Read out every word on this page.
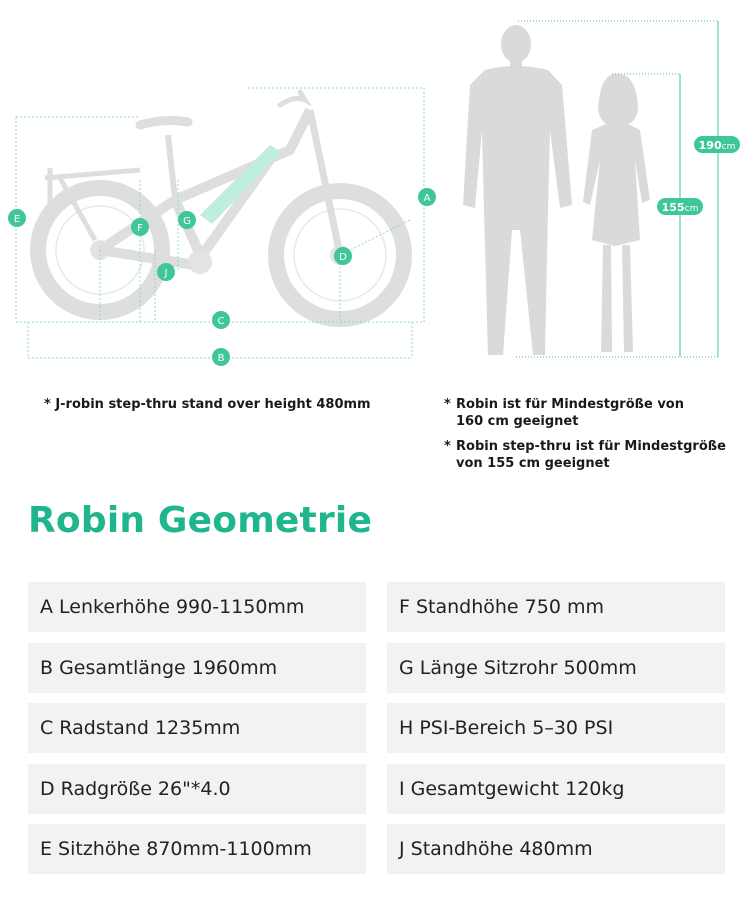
A
B
C
D
E
F
G
J
190cm
155cm
* J-robin step-thru stand over height 480mm	* Robin ist für Mindestgröße von
160 cm geeignet
* Robin step-thru ist für Mindestgröße
von 155 cm geeignet
Robin Geometrie
A Lenkerhöhe 990-1150mm
B Gesamtlänge 1960mm
C Radstand 1235mm
D Radgröße 26"*4.0
E Sitzhöhe 870mm-1100mm
F Standhöhe 750 mm
G Länge Sitzrohr 500mm
H PSI-Bereich 5–30 PSI
I Gesamtgewicht 120kg
J Standhöhe 480mm
